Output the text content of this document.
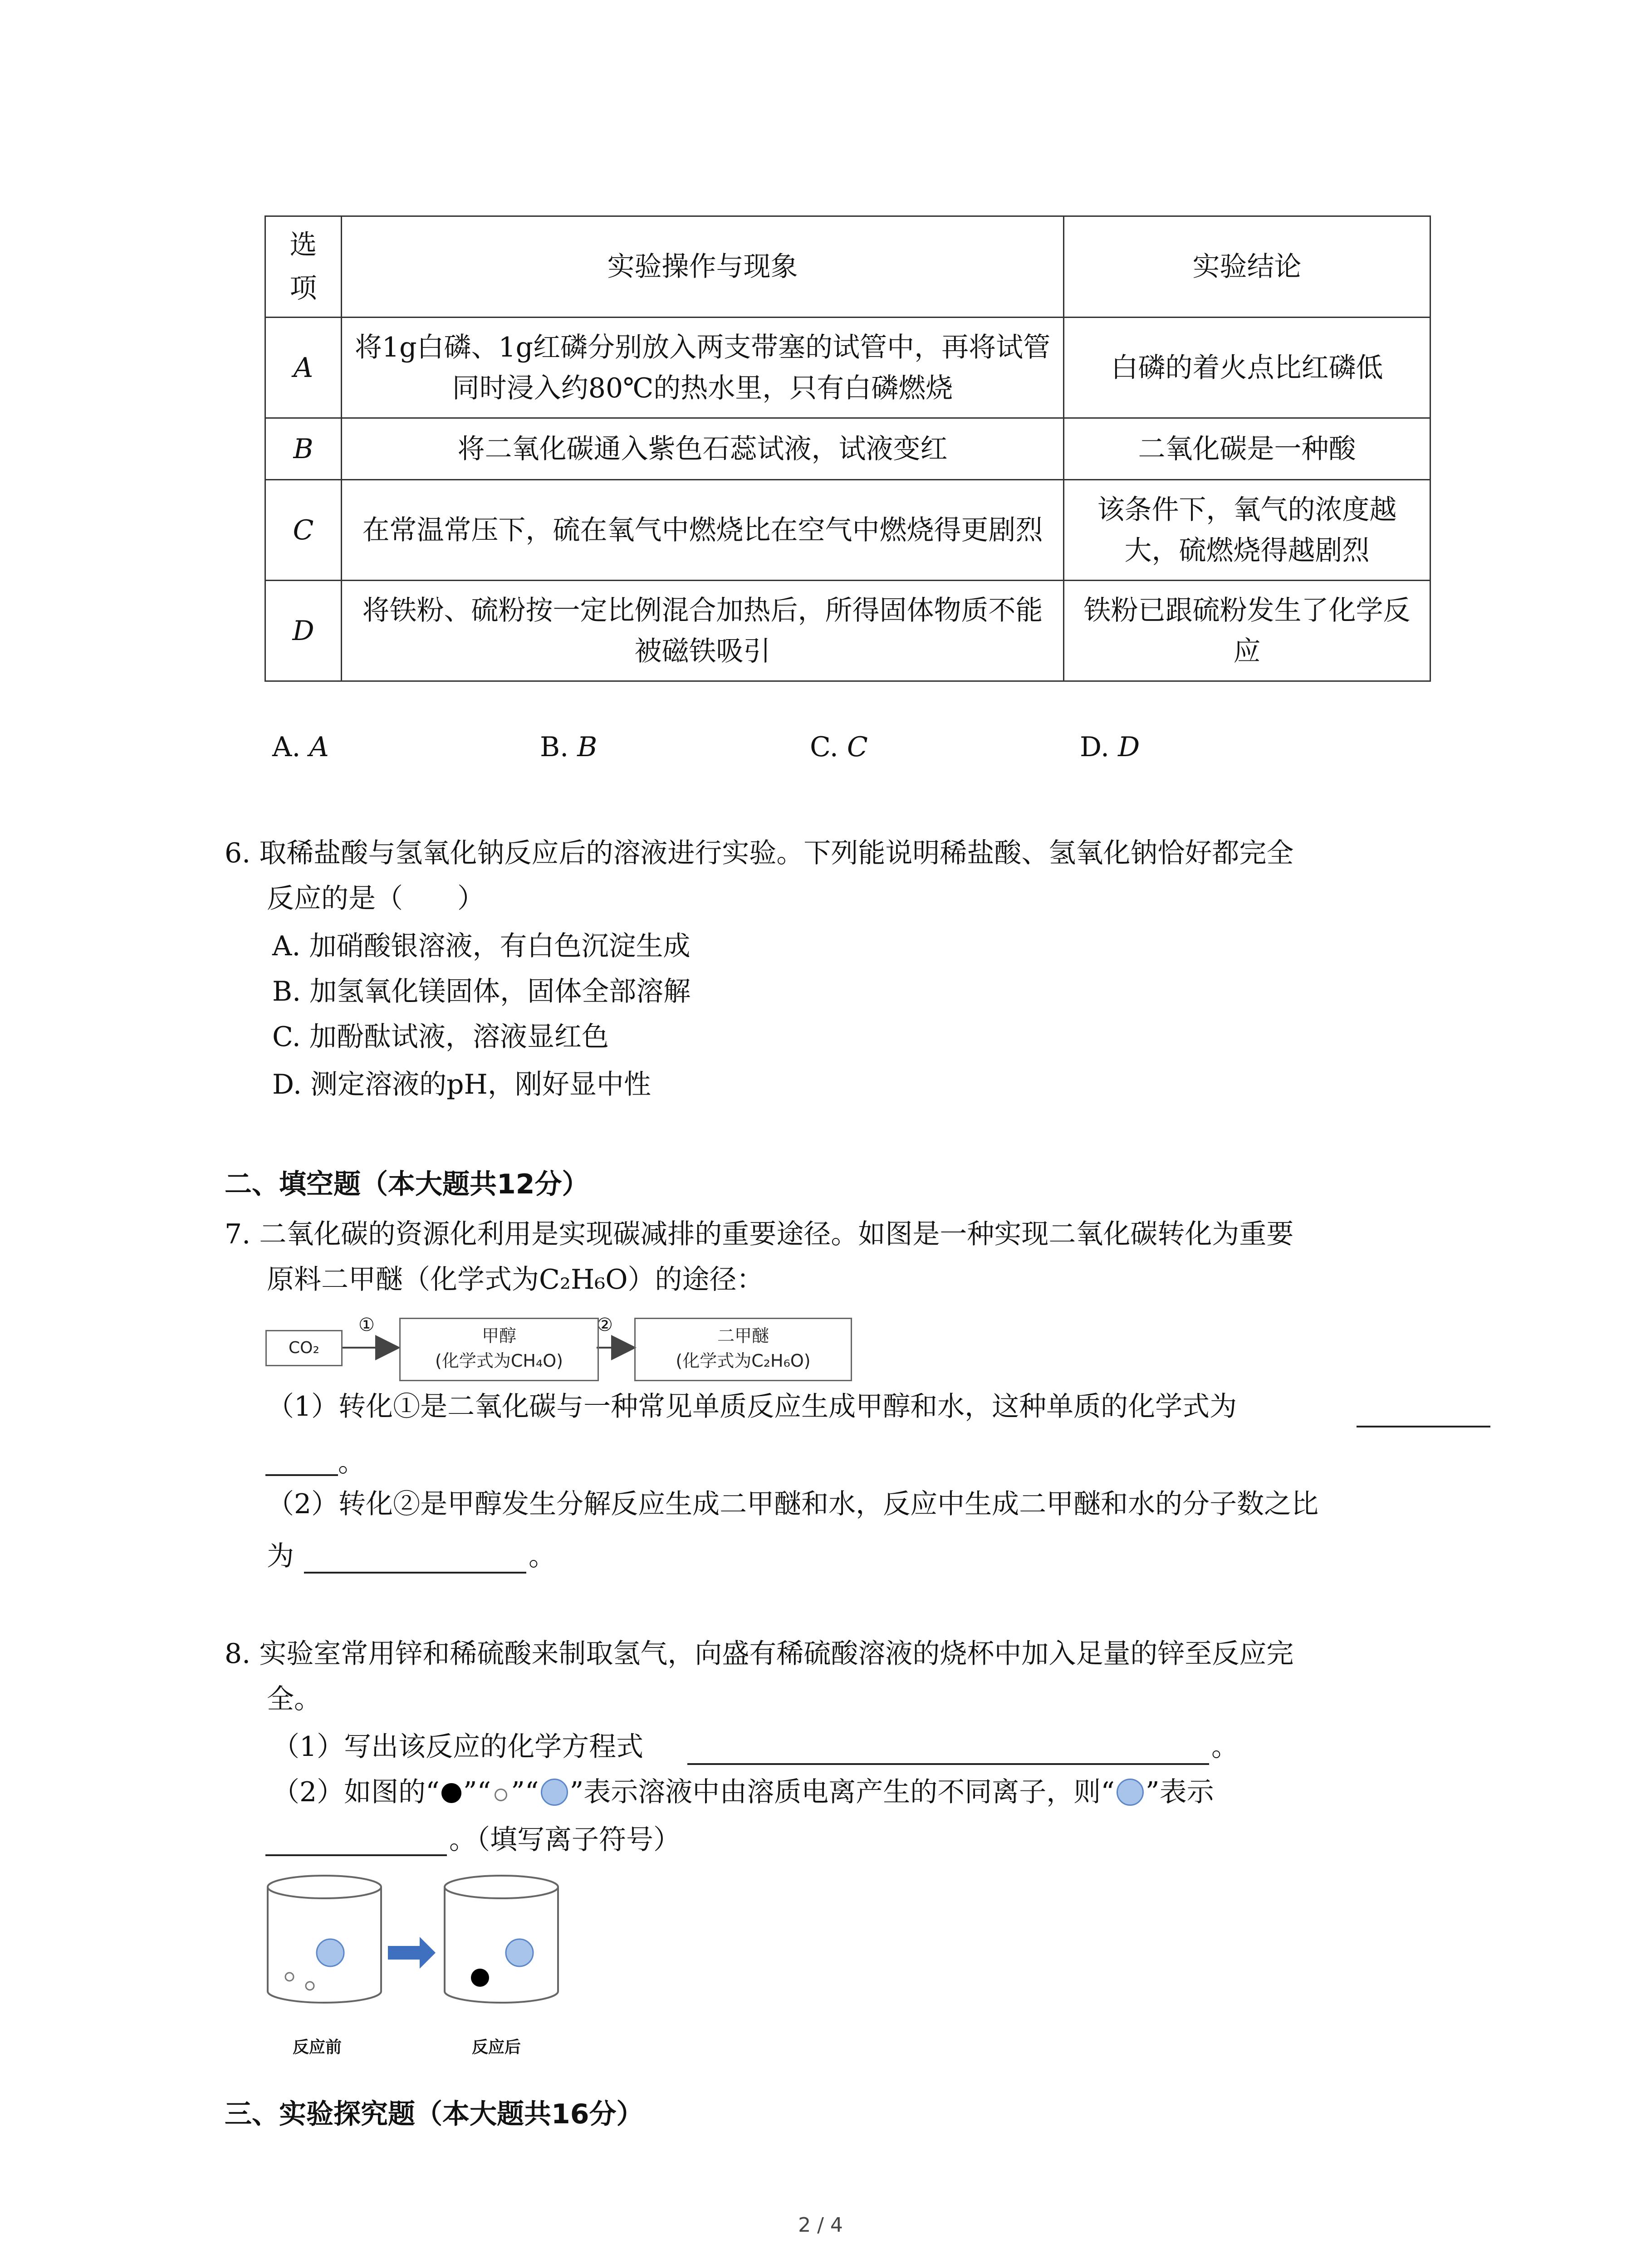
选项	实验操作与现象	实验结论
A	将1g白磷、1g红磷分别放入两支带塞的试管中，再将试管同时浸入约80℃的热水里，只有白磷燃烧	白磷的着火点比红磷低
B	将二氧化碳通入紫色石蕊试液，试液变红	二氧化碳是一种酸
C	在常温常压下，硫在氧气中燃烧比在空气中燃烧得更剧烈	该条件下，氧气的浓度越大，硫燃烧得越剧烈
D	将铁粉、硫粉按一定比例混合加热后，所得固体物质不能被磁铁吸引	铁粉已跟硫粉发生了化学反应
A. A	B. B	C. C	D. D
6. 取稀盐酸与氢氧化钠反应后的溶液进行实验。下列能说明稀盐酸、氢氧化钠恰好都完全
反应的是（　　）
A. 加硝酸银溶液，有白色沉淀生成
B. 加氢氧化镁固体，固体全部溶解
C. 加酚酞试液，溶液显红色
D. 测定溶液的pH，刚好显中性
二、填空题（本大题共12分）
7. 二氧化碳的资源化利用是实现碳减排的重要途径。如图是一种实现二氧化碳转化为重要
原料二甲醚（化学式为C₂H₆O）的途径：
CO₂
①	②
甲醇
(化学式为CH₄O)
二甲醚
(化学式为C₂H₆O)
（1）转化①是二氧化碳与一种常见单质反应生成甲醇和水，这种单质的化学式为
。
（2）转化②是甲醇发生分解反应生成二甲醚和水，反应中生成二甲醚和水的分子数之比
为	。
8. 实验室常用锌和稀硫酸来制取氢气，向盛有稀硫酸溶液的烧杯中加入足量的锌至反应完
全。
（1）写出该反应的化学方程式	。
（2）如图的“ ”“ ”“ ”表示溶液中由溶质电离产生的不同离子，则“ ”表示
。（填写离子符号）
反应前	反应后
三、实验探究题（本大题共16分）
2 / 4
